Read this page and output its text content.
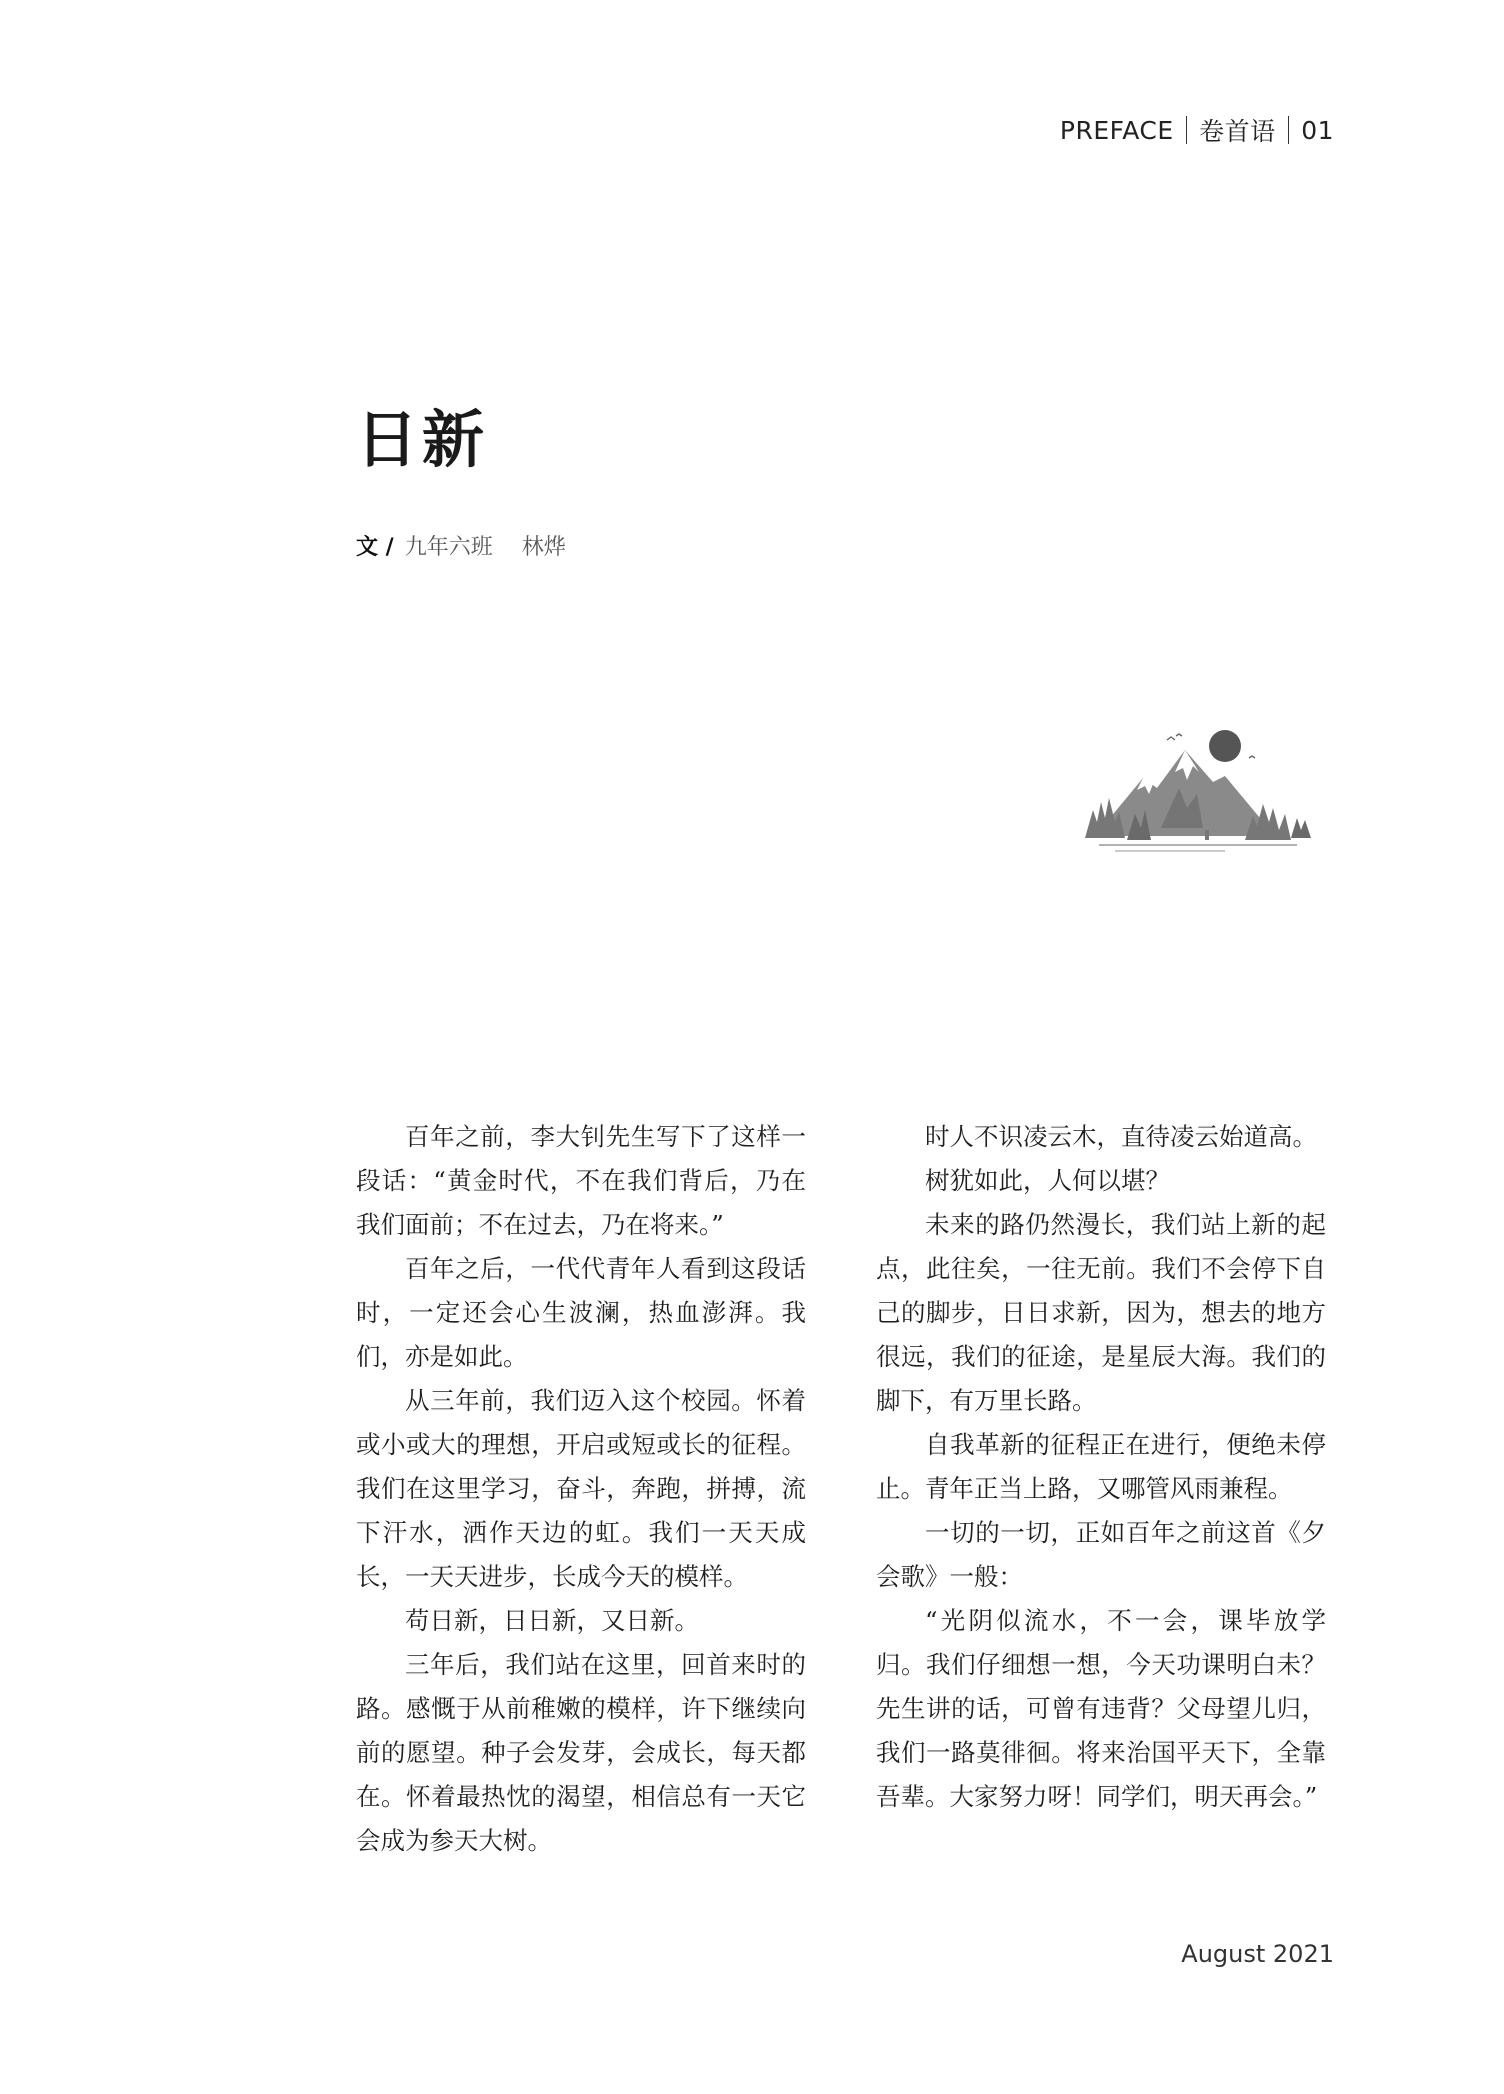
PREFACE 卷首语 01
日新
文 / 九年六班 林烨

百年之前，李大钊先生写下了这样一段话：“黄金时代，不在我们背后，乃在我们面前；不在过去，乃在将来。”

百年之后，一代代青年人看到这段话时，一定还会心生波澜，热血澎湃。我们，亦是如此。

从三年前，我们迈入这个校园。怀着或小或大的理想，开启或短或长的征程。我们在这里学习，奋斗，奔跑，拼搏，流下汗水，洒作天边的虹。我们一天天成长，一天天进步，长成今天的模样。

苟日新，日日新，又日新。

三年后，我们站在这里，回首来时的路。感慨于从前稚嫩的模样，许下继续向前的愿望。种子会发芽，会成长，每天都在。怀着最热忱的渴望，相信总有一天它会成为参天大树。

时人不识凌云木，直待凌云始道高。

树犹如此，人何以堪？

未来的路仍然漫长，我们站上新的起点，此往矣，一往无前。我们不会停下自己的脚步，日日求新，因为，想去的地方很远，我们的征途，是星辰大海。我们的脚下，有万里长路。

自我革新的征程正在进行，便绝未停止。青年正当上路，又哪管风雨兼程。

一切的一切，正如百年之前这首《夕会歌》一般：

“光阴似流水，不一会，课毕放学归。我们仔细想一想，今天功课明白未？先生讲的话，可曾有违背？父母望儿归，我们一路莫徘徊。将来治国平天下，全靠吾辈。大家努力呀！同学们，明天再会。”

August 2021
